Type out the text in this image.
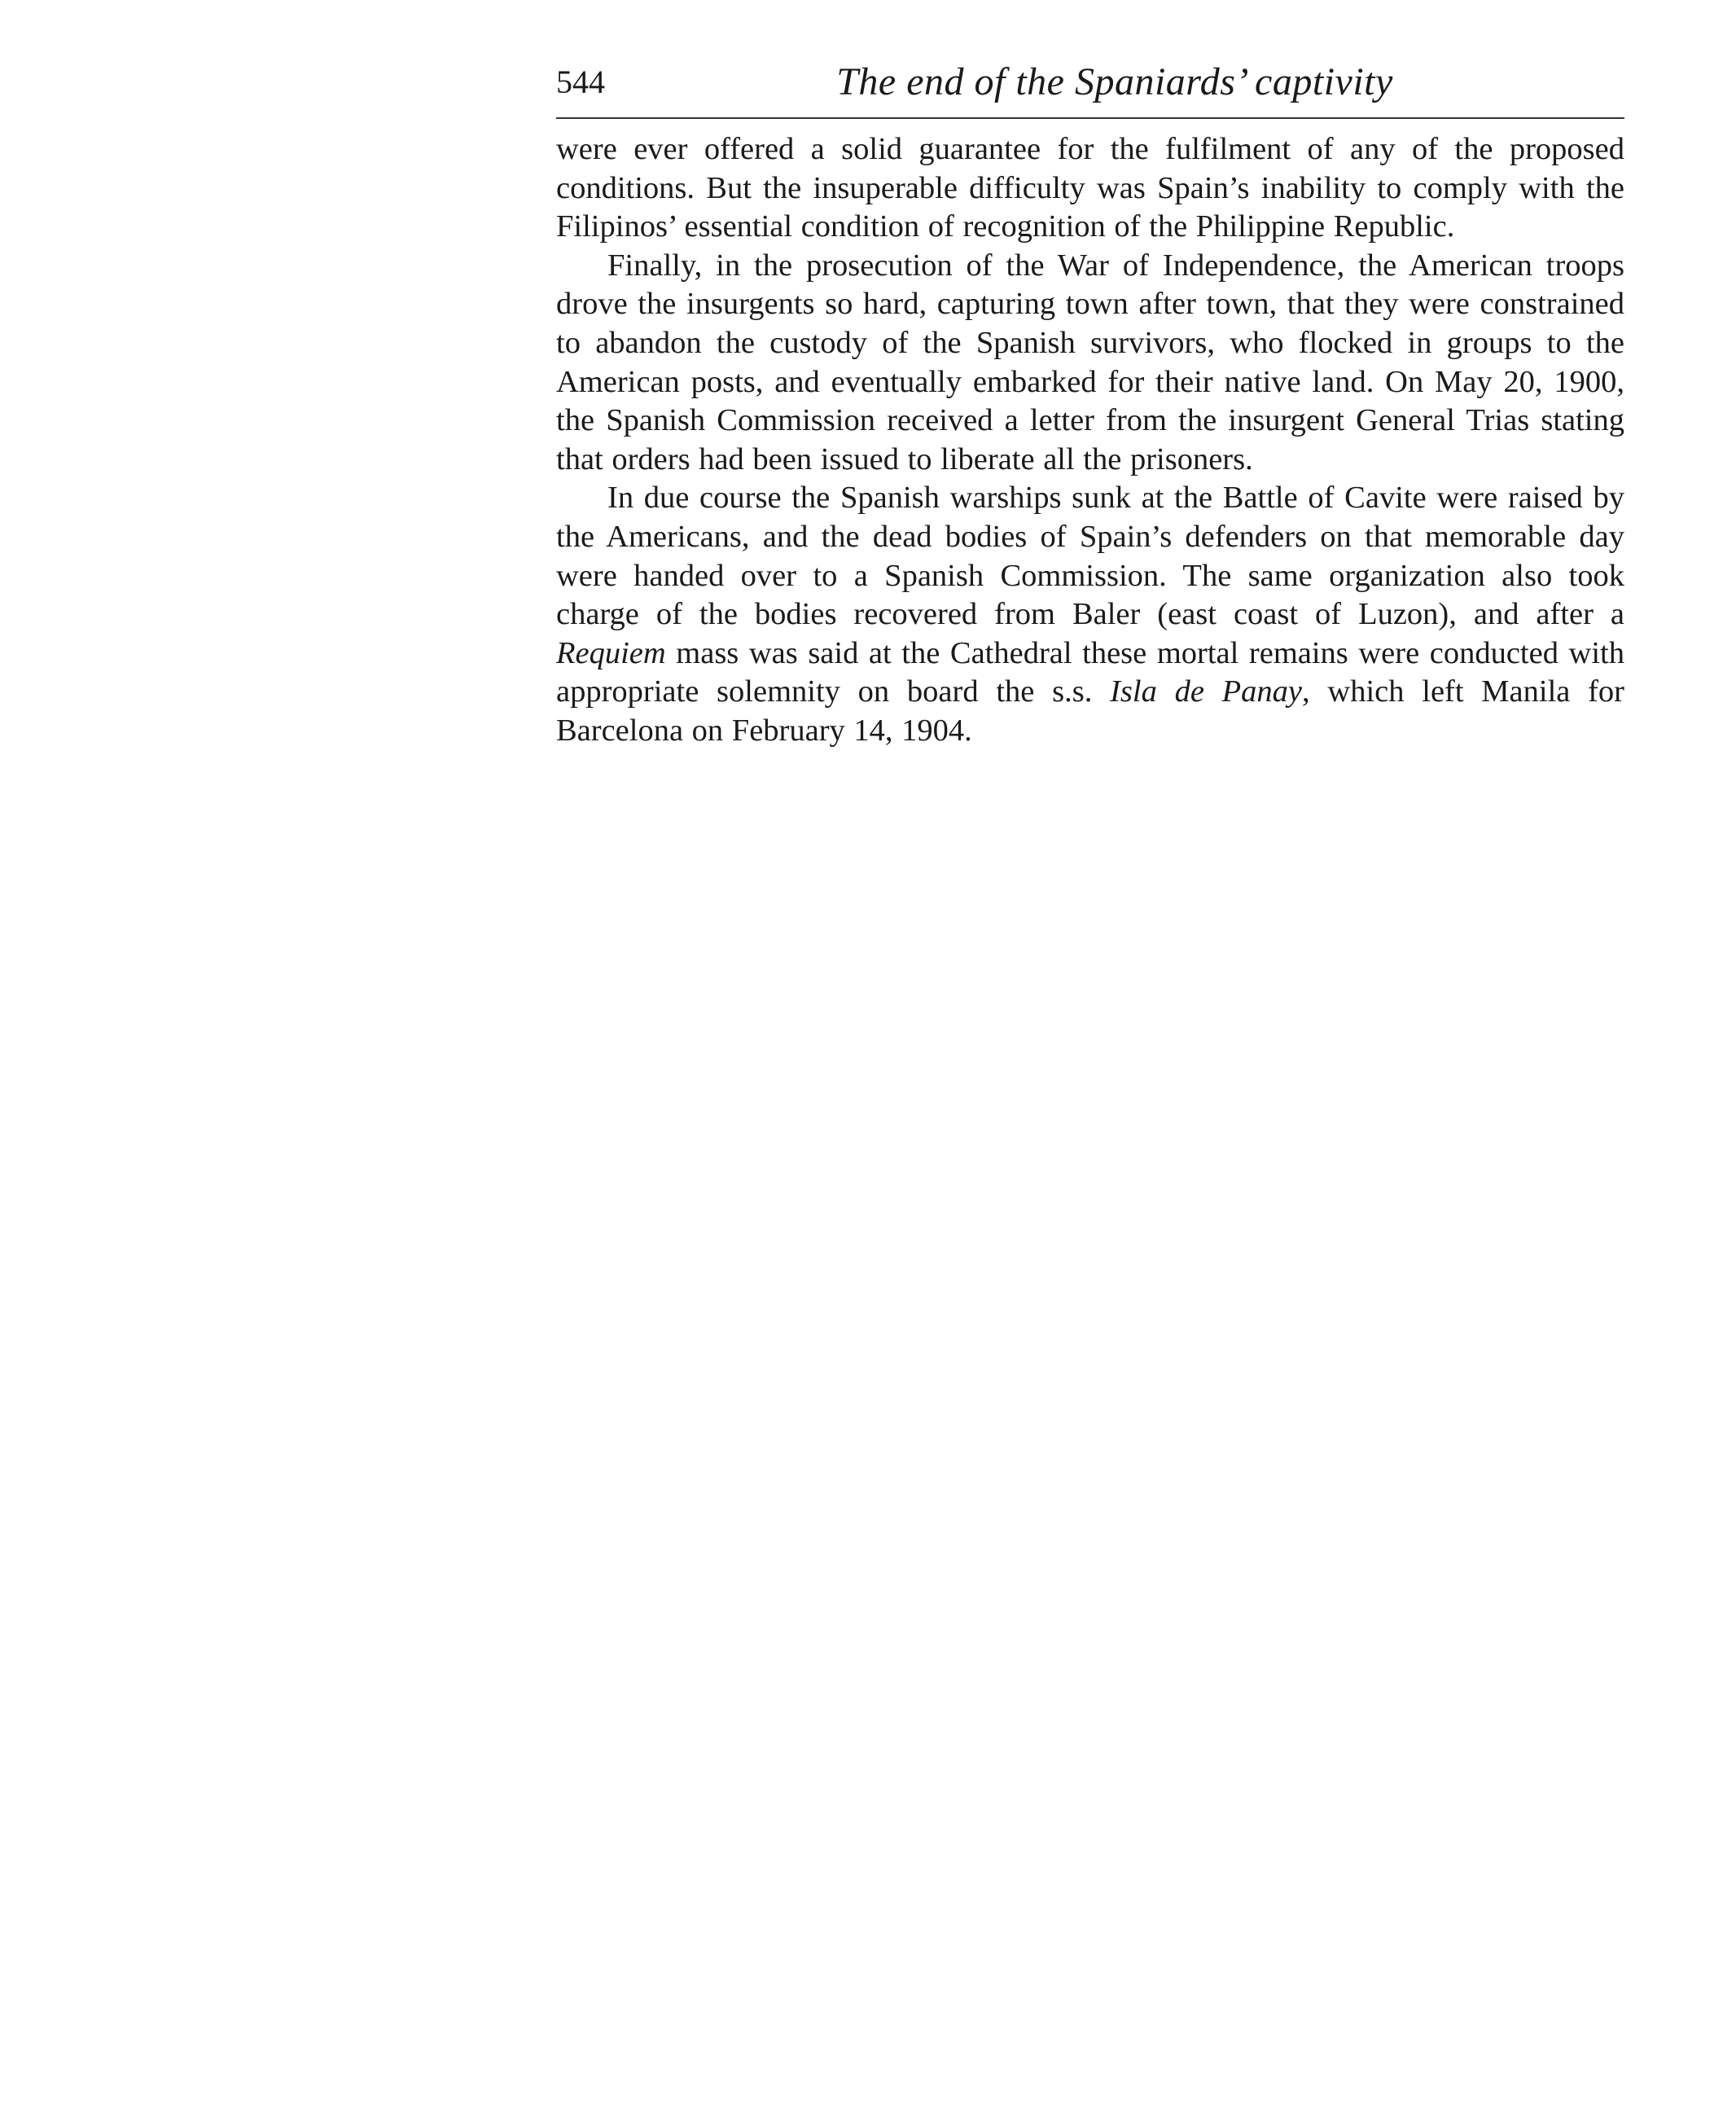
544	The end of the Spaniards’ captivity

were ever offered a solid guarantee for the fulfilment of any of the proposed conditions. But the insuperable difficulty was Spain’s inability to comply with the Filipinos’ essential condition of recognition of the Philippine Republic.

Finally, in the prosecution of the War of Independence, the American troops drove the insurgents so hard, capturing town after town, that they were constrained to abandon the custody of the Spanish survivors, who flocked in groups to the American posts, and eventually embarked for their native land. On May 20, 1900, the Spanish Commission received a letter from the insurgent General Trias stating that orders had been issued to liberate all the prisoners.

In due course the Spanish warships sunk at the Battle of Cavite were raised by the Americans, and the dead bodies of Spain’s defenders on that memorable day were handed over to a Spanish Commission. The same organization also took charge of the bodies recovered from Baler (east coast of Luzon), and after a Requiem mass was said at the Cathedral these mortal remains were conducted with appropriate solemnity on board the s.s. Isla de Panay, which left Manila for Barcelona on February 14, 1904.
